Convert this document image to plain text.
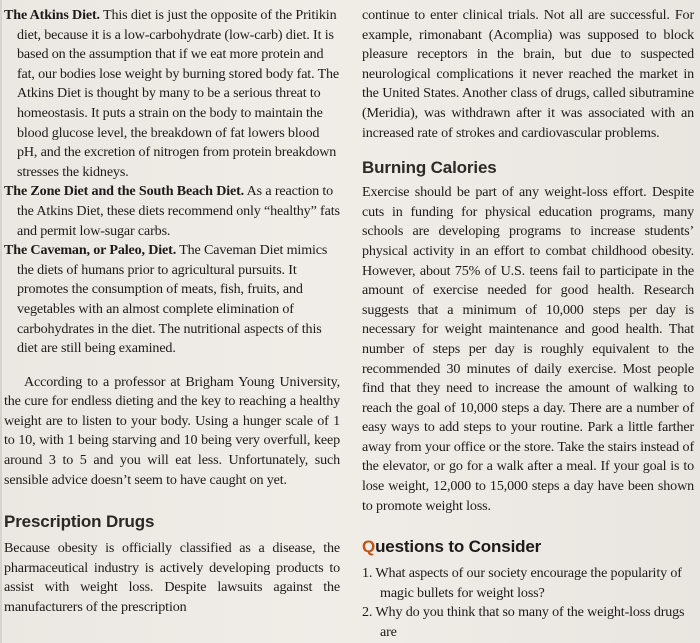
The Atkins Diet. This diet is just the opposite of the Pritikin diet, because it is a low-carbohydrate (low-carb) diet. It is based on the assumption that if we eat more protein and fat, our bodies lose weight by burning stored body fat. The Atkins Diet is thought by many to be a serious threat to homeostasis. It puts a strain on the body to maintain the blood glucose level, the breakdown of fat lowers blood pH, and the excretion of nitrogen from protein breakdown stresses the kidneys.

The Zone Diet and the South Beach Diet. As a reaction to the Atkins Diet, these diets recommend only “healthy” fats and permit low-sugar carbs.

The Caveman, or Paleo, Diet. The Caveman Diet mimics the diets of humans prior to agricultural pursuits. It promotes the consumption of meats, fish, fruits, and vegetables with an almost complete elimination of carbohydrates in the diet. The nutritional aspects of this diet are still being examined.

According to a professor at Brigham Young University, the cure for endless dieting and the key to reaching a healthy weight are to listen to your body. Using a hunger scale of 1 to 10, with 1 being starving and 10 being very overfull, keep around 3 to 5 and you will eat less. Unfortunately, such sensible advice doesn’t seem to have caught on yet.

Prescription Drugs

Because obesity is officially classified as a disease, the pharmaceutical industry is actively developing products to assist with weight loss. Despite lawsuits against the manufacturers of the prescription

continue to enter clinical trials. Not all are successful. For example, rimonabant (Acomplia) was supposed to block pleasure receptors in the brain, but due to suspected neurological complications it never reached the market in the United States. Another class of drugs, called sibutramine (Meridia), was withdrawn after it was associated with an increased rate of strokes and cardiovascular problems.

Burning Calories

Exercise should be part of any weight-loss effort. Despite cuts in funding for physical education programs, many schools are developing programs to increase students’ physical activity in an effort to combat childhood obesity. However, about 75% of U.S. teens fail to participate in the amount of exercise needed for good health. Research suggests that a minimum of 10,000 steps per day is necessary for weight maintenance and good health. That number of steps per day is roughly equivalent to the recommended 30 minutes of daily exercise. Most people find that they need to increase the amount of walking to reach the goal of 10,000 steps a day. There are a number of easy ways to add steps to your routine. Park a little farther away from your office or the store. Take the stairs instead of the elevator, or go for a walk after a meal. If your goal is to lose weight, 12,000 to 15,000 steps a day have been shown to promote weight loss.

Questions to Consider
1. What aspects of our society encourage the popularity of magic bullets for weight loss?
2. Why do you think that so many of the weight-loss drugs are
